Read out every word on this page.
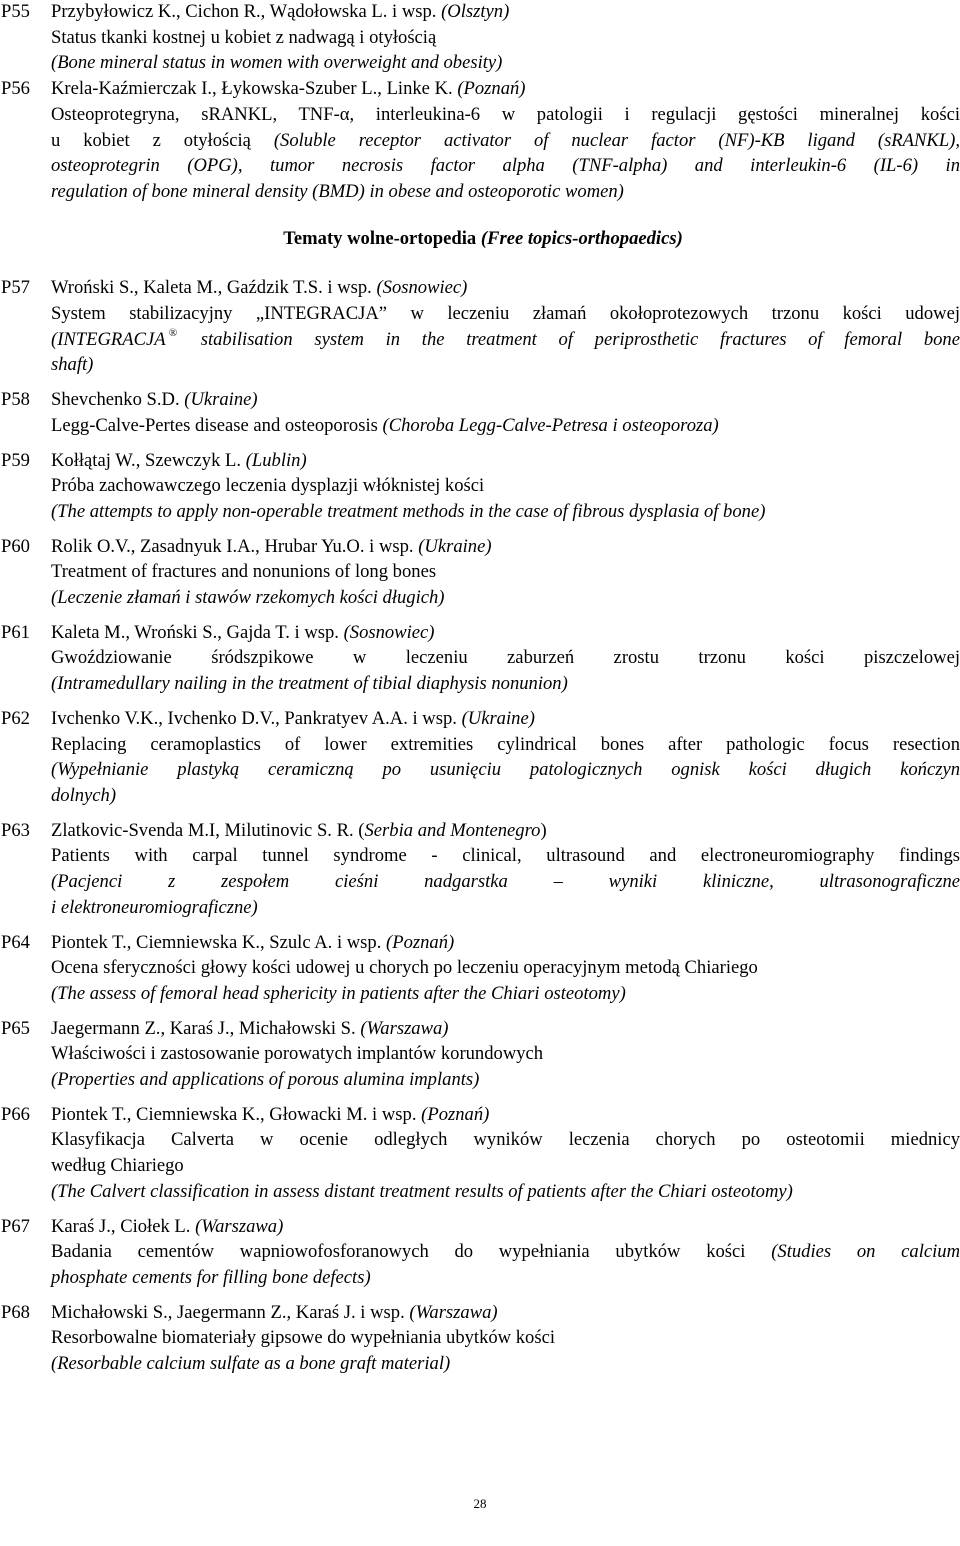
P55	Przybyłowicz K., Cichon R., Wądołowska L. i wsp. (Olsztyn)
Status tkanki kostnej u kobiet z nadwagą i otyłością
(Bone mineral status in women with overweight and obesity)
P56	Krela-Kaźmierczak I., Łykowska-Szuber L., Linke K. (Poznań)
Osteoprotegryna, sRANKL, TNF-α, interleukina-6 w patologii i regulacji gęstości mineralnej kości
u kobiet z otyłością (Soluble receptor activator of nuclear factor (NF)-KB ligand (sRANKL),
osteoprotegrin (OPG), tumor necrosis factor alpha (TNF-alpha) and interleukin-6 (IL-6) in
regulation of bone mineral density (BMD) in obese and osteoporotic women)
Tematy wolne-ortopedia (Free topics-orthopaedics)
P57	Wroński S., Kaleta M., Gaździk T.S. i wsp. (Sosnowiec)
System stabilizacyjny „INTEGRACJA” w leczeniu złamań okołoprotezowych trzonu kości udowej
(INTEGRACJA ® stabilisation system in the treatment of periprosthetic fractures of femoral bone
shaft)
P58	Shevchenko S.D. (Ukraine)
Legg-Calve-Pertes disease and osteoporosis (Choroba Legg-Calve-Petresa i osteoporoza)
P59	Kołłątaj W., Szewczyk L. (Lublin)
Próba zachowawczego leczenia dysplazji włóknistej kości
(The attempts to apply non-operable treatment methods in the case of fibrous dysplasia of bone)
P60	Rolik O.V., Zasadnyuk I.A., Hrubar Yu.O. i wsp. (Ukraine)
Treatment of fractures and nonunions of long bones
(Leczenie złamań i stawów rzekomych kości długich)
P61	Kaleta M., Wroński S., Gajda T. i wsp. (Sosnowiec)
Gwoździowanie śródszpikowe w leczeniu zaburzeń zrostu trzonu kości piszczelowej
(Intramedullary nailing in the treatment of tibial diaphysis nonunion)
P62	Ivchenko V.K., Ivchenko D.V., Pankratyev A.A. i wsp. (Ukraine)
Replacing ceramoplastics of lower extremities cylindrical bones after pathologic focus resection
(Wypełnianie plastyką ceramiczną po usunięciu patologicznych ognisk kości długich kończyn
dolnych)
P63	Zlatkovic-Svenda M.I, Milutinovic S. R. (Serbia and Montenegro)
Patients with carpal tunnel syndrome - clinical, ultrasound and electroneuromiography findings
(Pacjenci z zespołem cieśni nadgarstka – wyniki kliniczne, ultrasonograficzne
i elektroneuromiograficzne)
P64	Piontek T., Ciemniewska K., Szulc A. i wsp. (Poznań)
Ocena sferyczności głowy kości udowej u chorych po leczeniu operacyjnym metodą Chiariego
(The assess of femoral head sphericity in patients after the Chiari osteotomy)
P65	Jaegermann Z., Karaś J., Michałowski S. (Warszawa)
Właściwości i zastosowanie porowatych implantów korundowych
(Properties and applications of porous alumina implants)
P66	Piontek T., Ciemniewska K., Głowacki M. i wsp. (Poznań)
Klasyfikacja Calverta w ocenie odległych wyników leczenia chorych po osteotomii miednicy
według Chiariego
(The Calvert classification in assess distant treatment results of patients after the Chiari osteotomy)
P67	Karaś J., Ciołek L. (Warszawa)
Badania cementów wapniowofosforanowych do wypełniania ubytków kości (Studies on calcium
phosphate cements for filling bone defects)
P68	Michałowski S., Jaegermann Z., Karaś J. i wsp. (Warszawa)
Resorbowalne biomateriały gipsowe do wypełniania ubytków kości
(Resorbable calcium sulfate as a bone graft material)
28
